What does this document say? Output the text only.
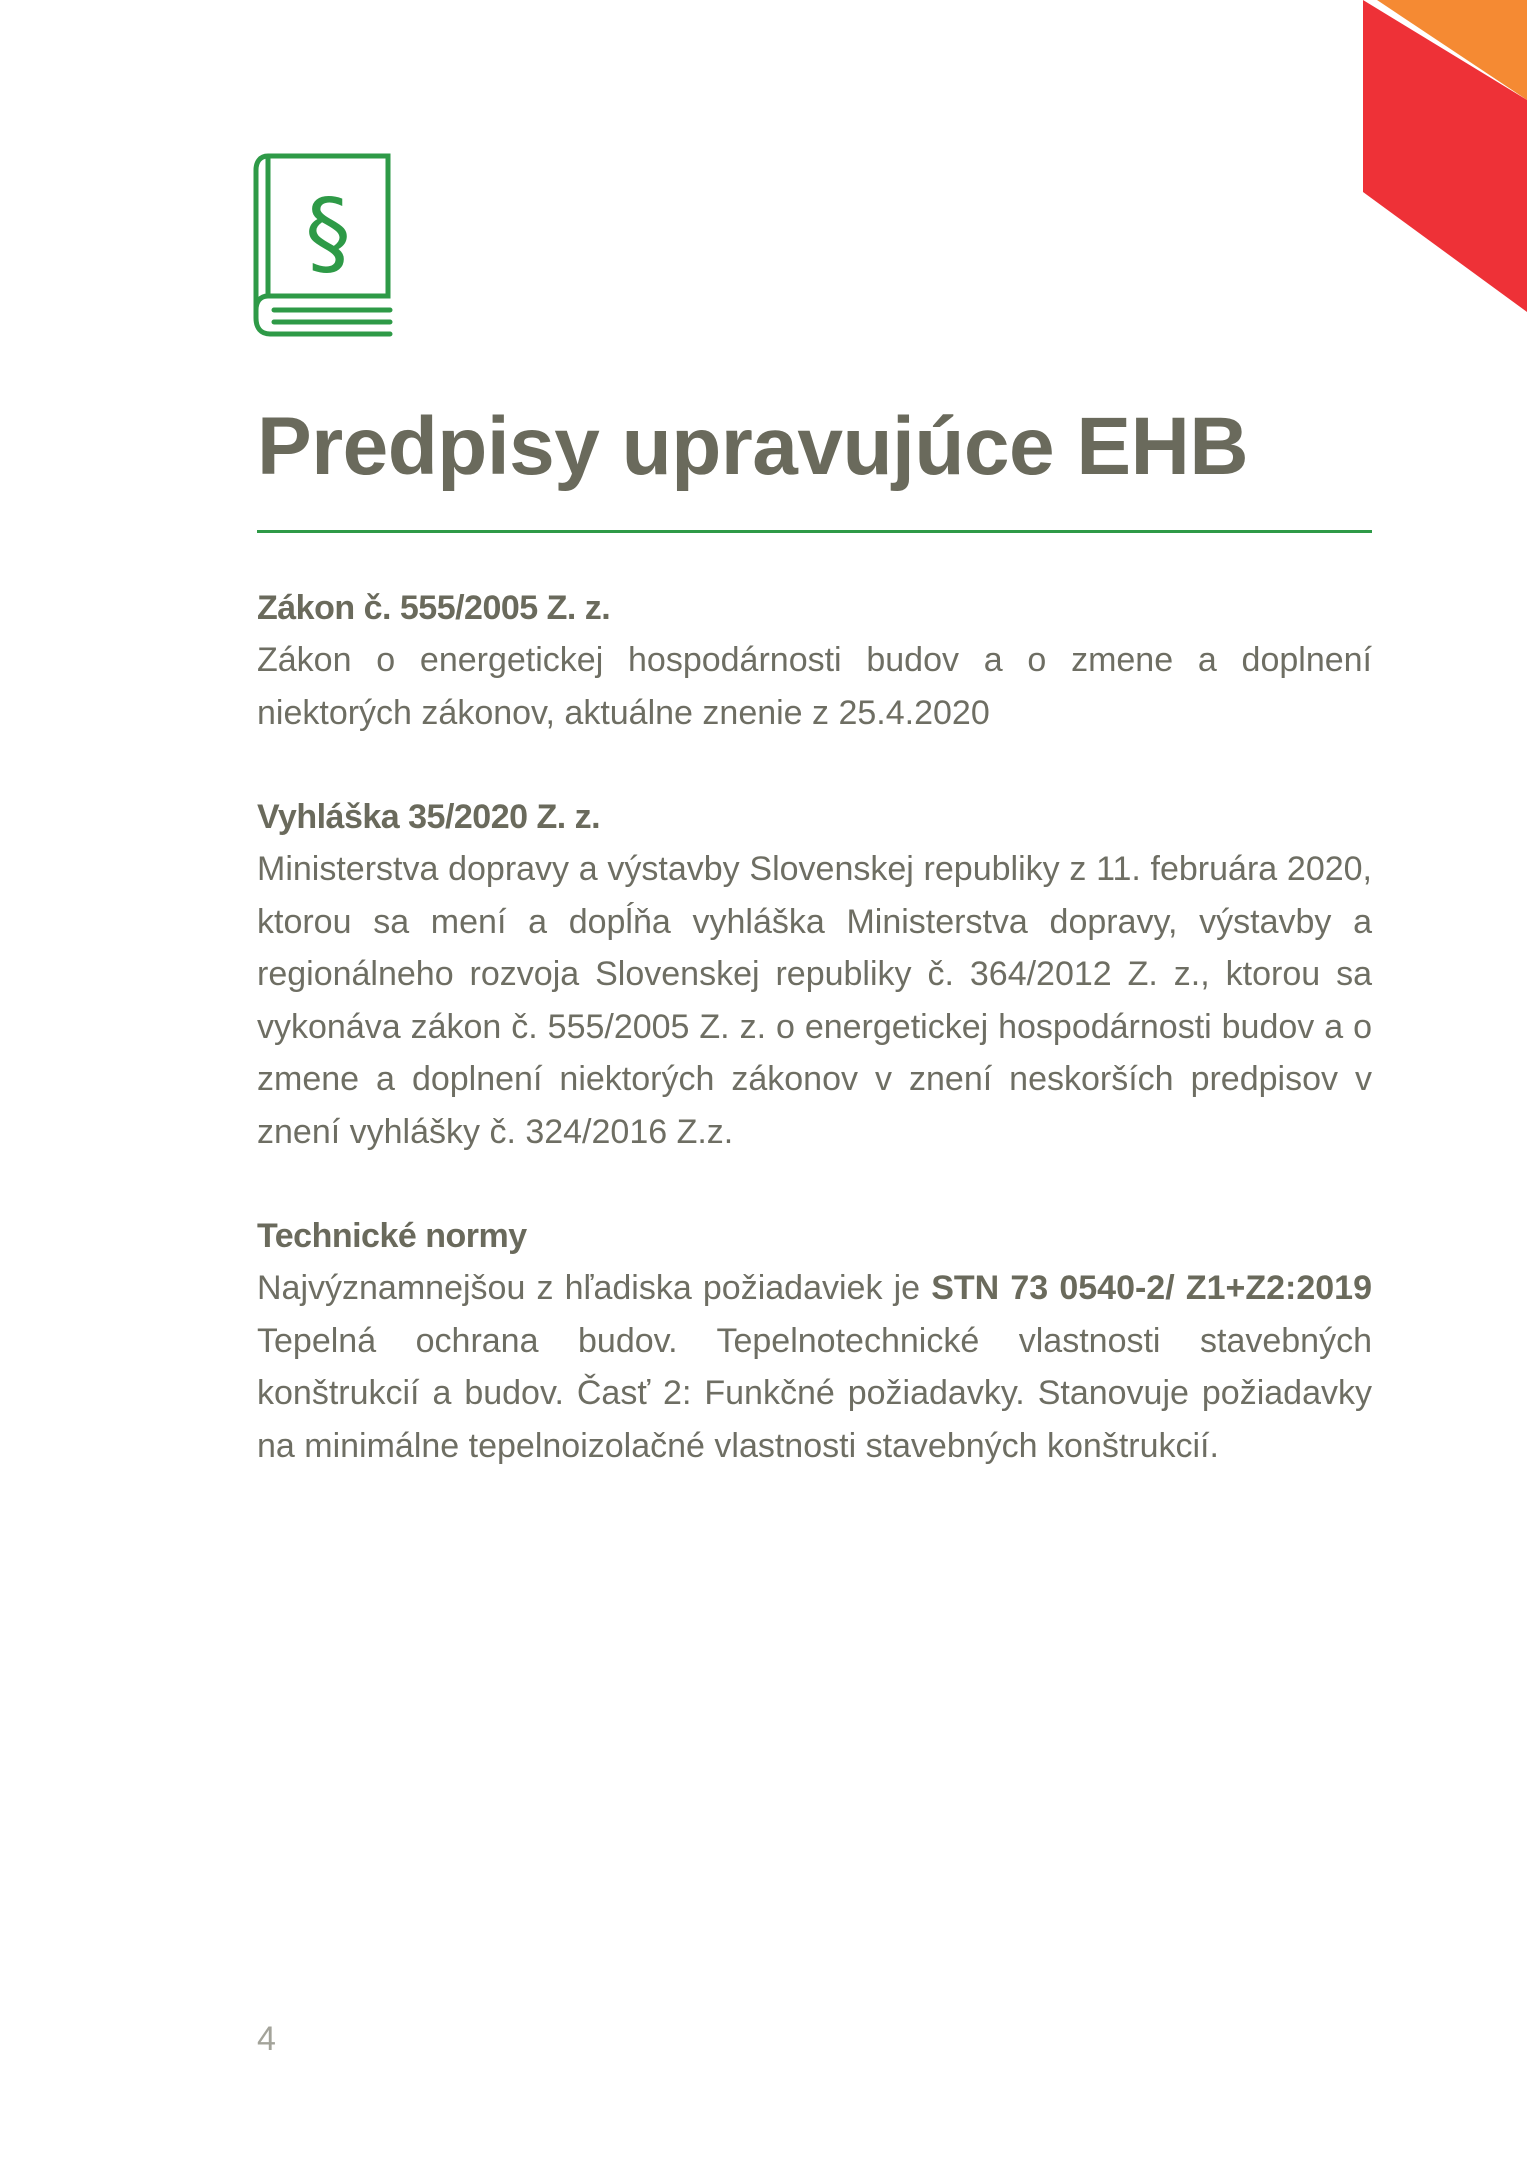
§
Predpisy upravujúce EHB
Zákon č. 555/2005 Z. z.

Zákon o energetickej hospodárnosti budov a o zmene a doplnení niektorých zákonov, aktuálne znenie z 25.4.2020

Vyhláška 35/2020 Z. z.

Ministerstva dopravy a výstavby Slovenskej republiky z 11. februára 2020, ktorou sa mení a dopĺňa vyhláška Ministerstva dopravy, výstavby a regionálneho rozvoja Slovenskej republiky č. 364/2012 Z. z., ktorou sa vykonáva zákon č. 555/2005 Z. z. o energetickej hospodárnosti budov a o zmene a doplnení niektorých zákonov v znení neskorších predpisov v znení vyhlášky č. 324/2016 Z.z.

Technické normy

Najvýznamnejšou z hľadiska požiadaviek je STN 73 0540-2/ Z1+Z2:2019 Tepelná ochrana budov. Tepelnotechnické vlastnosti stavebných konštrukcií a budov. Časť 2: Funkčné požiadavky. Stanovuje požiadavky na minimálne tepelnoizolačné vlastnosti stavebných konštrukcií.

4
